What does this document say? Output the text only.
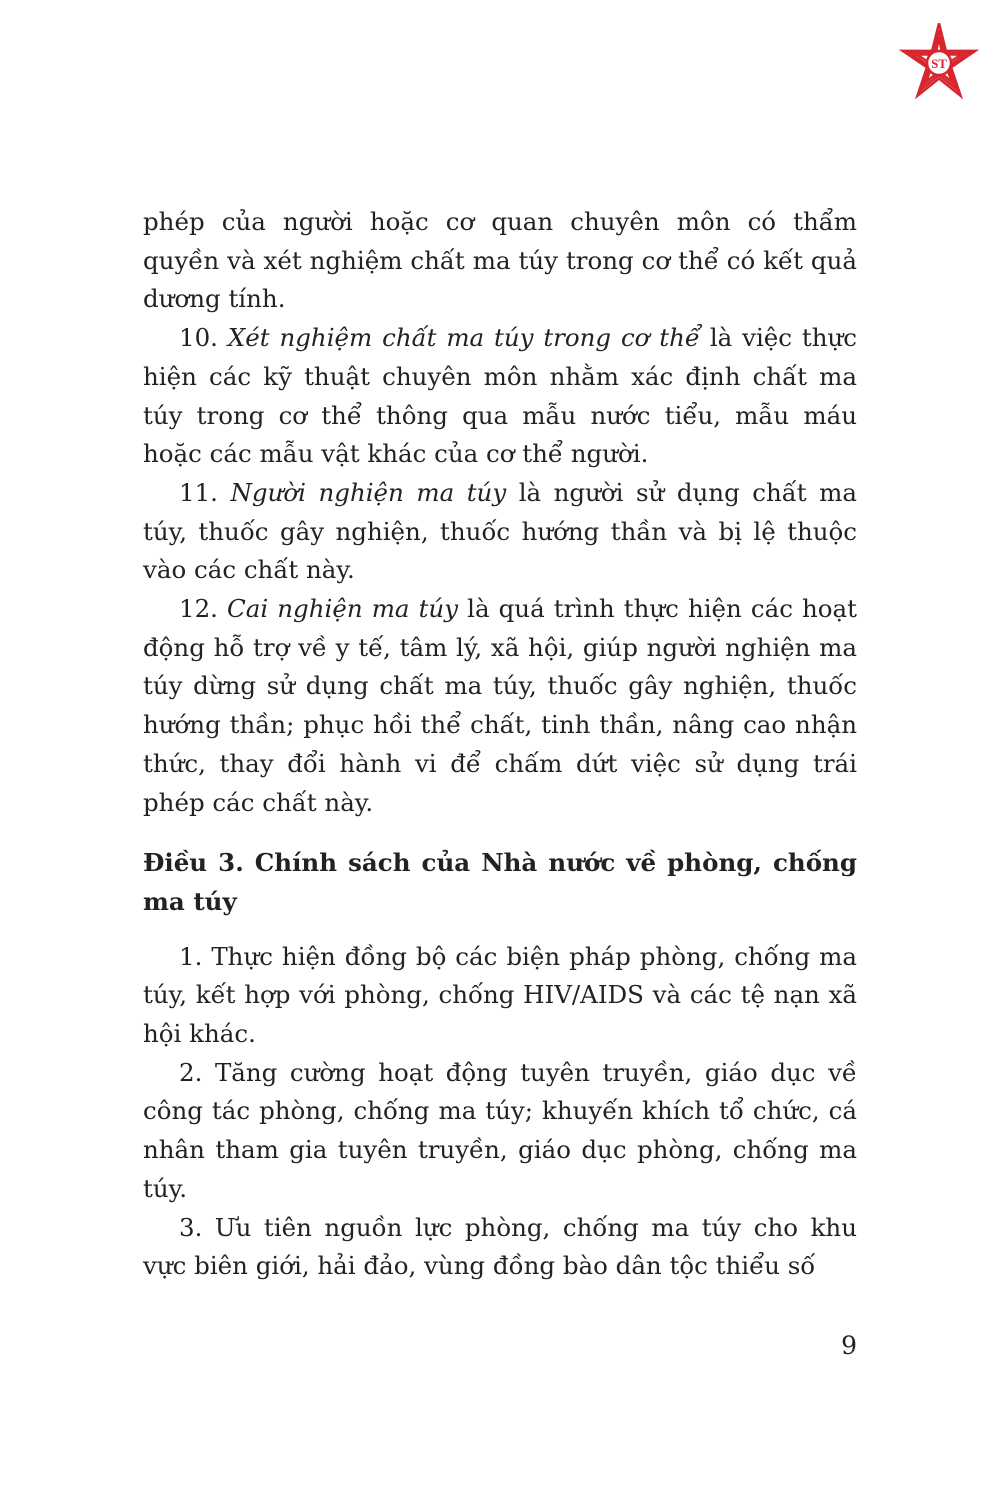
ST

phép của người hoặc cơ quan chuyên môn có thẩm quyền và xét nghiệm chất ma túy trong cơ thể có kết quả dương tính.

10. Xét nghiệm chất ma túy trong cơ thể là việc thực hiện các kỹ thuật chuyên môn nhằm xác định chất ma túy trong cơ thể thông qua mẫu nước tiểu, mẫu máu hoặc các mẫu vật khác của cơ thể người.

11. Người nghiện ma túy là người sử dụng chất ma túy, thuốc gây nghiện, thuốc hướng thần và bị lệ thuộc vào các chất này.

12. Cai nghiện ma túy là quá trình thực hiện các hoạt động hỗ trợ về y tế, tâm lý, xã hội, giúp người nghiện ma túy dừng sử dụng chất ma túy, thuốc gây nghiện, thuốc hướng thần; phục hồi thể chất, tinh thần, nâng cao nhận thức, thay đổi hành vi để chấm dứt việc sử dụng trái phép các chất này.

Điều 3. Chính sách của Nhà nước về phòng, chống ma túy

1. Thực hiện đồng bộ các biện pháp phòng, chống ma túy, kết hợp với phòng, chống HIV/AIDS và các tệ nạn xã hội khác.

2. Tăng cường hoạt động tuyên truyền, giáo dục về công tác phòng, chống ma túy; khuyến khích tổ chức, cá nhân tham gia tuyên truyền, giáo dục phòng, chống ma túy.

3. Ưu tiên nguồn lực phòng, chống ma túy cho khu vực biên giới, hải đảo, vùng đồng bào dân tộc thiểu số

9
